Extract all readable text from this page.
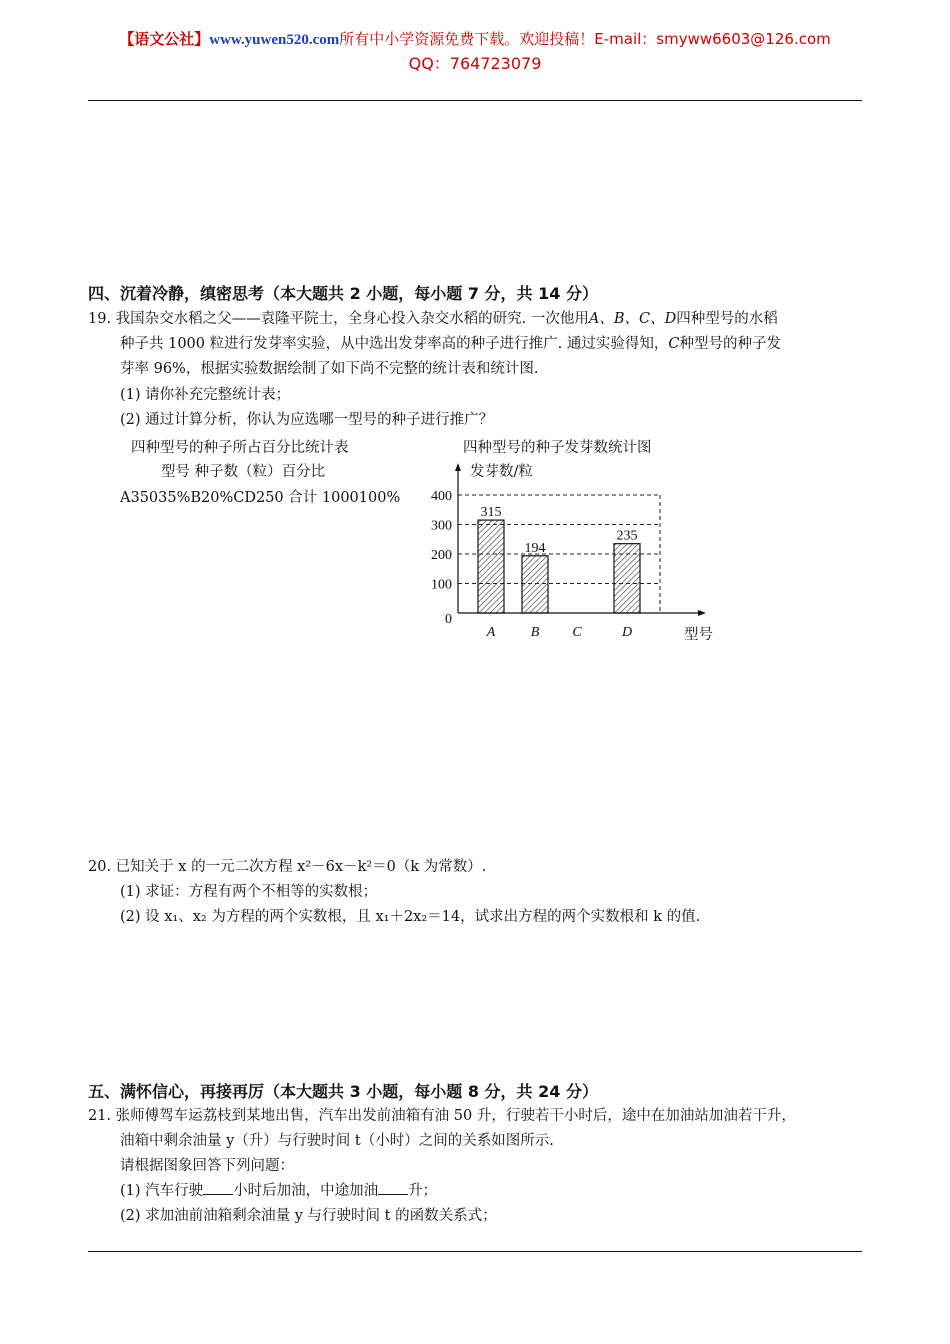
【语文公社】www.yuwen520.com所有中小学资源免费下载。欢迎投稿！E-mail：smyww6603@126.com
QQ：764723079
四、沉着冷静，缜密思考（本大题共 2 小题，每小题 7 分，共 14 分）
19. 我国杂交水稻之父——袁隆平院士，全身心投入杂交水稻的研究. 一次他用A、B、C、D四种型号的水稻
种子共 1000 粒进行发芽率实验，从中选出发芽率高的种子进行推广. 通过实验得知，C种型号的种子发
芽率 96%，根据实验数据绘制了如下尚不完整的统计表和统计图.
(1) 请你补充完整统计表；
(2) 通过计算分析，你认为应选哪一型号的种子进行推广？
四种型号的种子所占百分比统计表
型号 种子数（粒）百分比
A35035%B20%CD250 合计 1000100%
四种型号的种子发芽数统计图
发芽数/粒
型号
0
100
200
300
400
315
A
194
B C
235
D
20. 已知关于 x 的一元二次方程 x²－6x－k²＝0（k 为常数）.
(1) 求证：方程有两个不相等的实数根；
(2) 设 x₁、x₂ 为方程的两个实数根，且 x₁＋2x₂＝14，试求出方程的两个实数根和 k 的值.
五、满怀信心，再接再厉（本大题共 3 小题，每小题 8 分，共 24 分）
21. 张师傅驾车运荔枝到某地出售，汽车出发前油箱有油 50 升，行驶若干小时后，途中在加油站加油若干升，
油箱中剩余油量 y（升）与行驶时间 t（小时）之间的关系如图所示.
请根据图象回答下列问题：
(1) 汽车行驶 小时后加油，中途加油 升；
(2) 求加油前油箱剩余油量 y 与行驶时间 t 的函数关系式；
